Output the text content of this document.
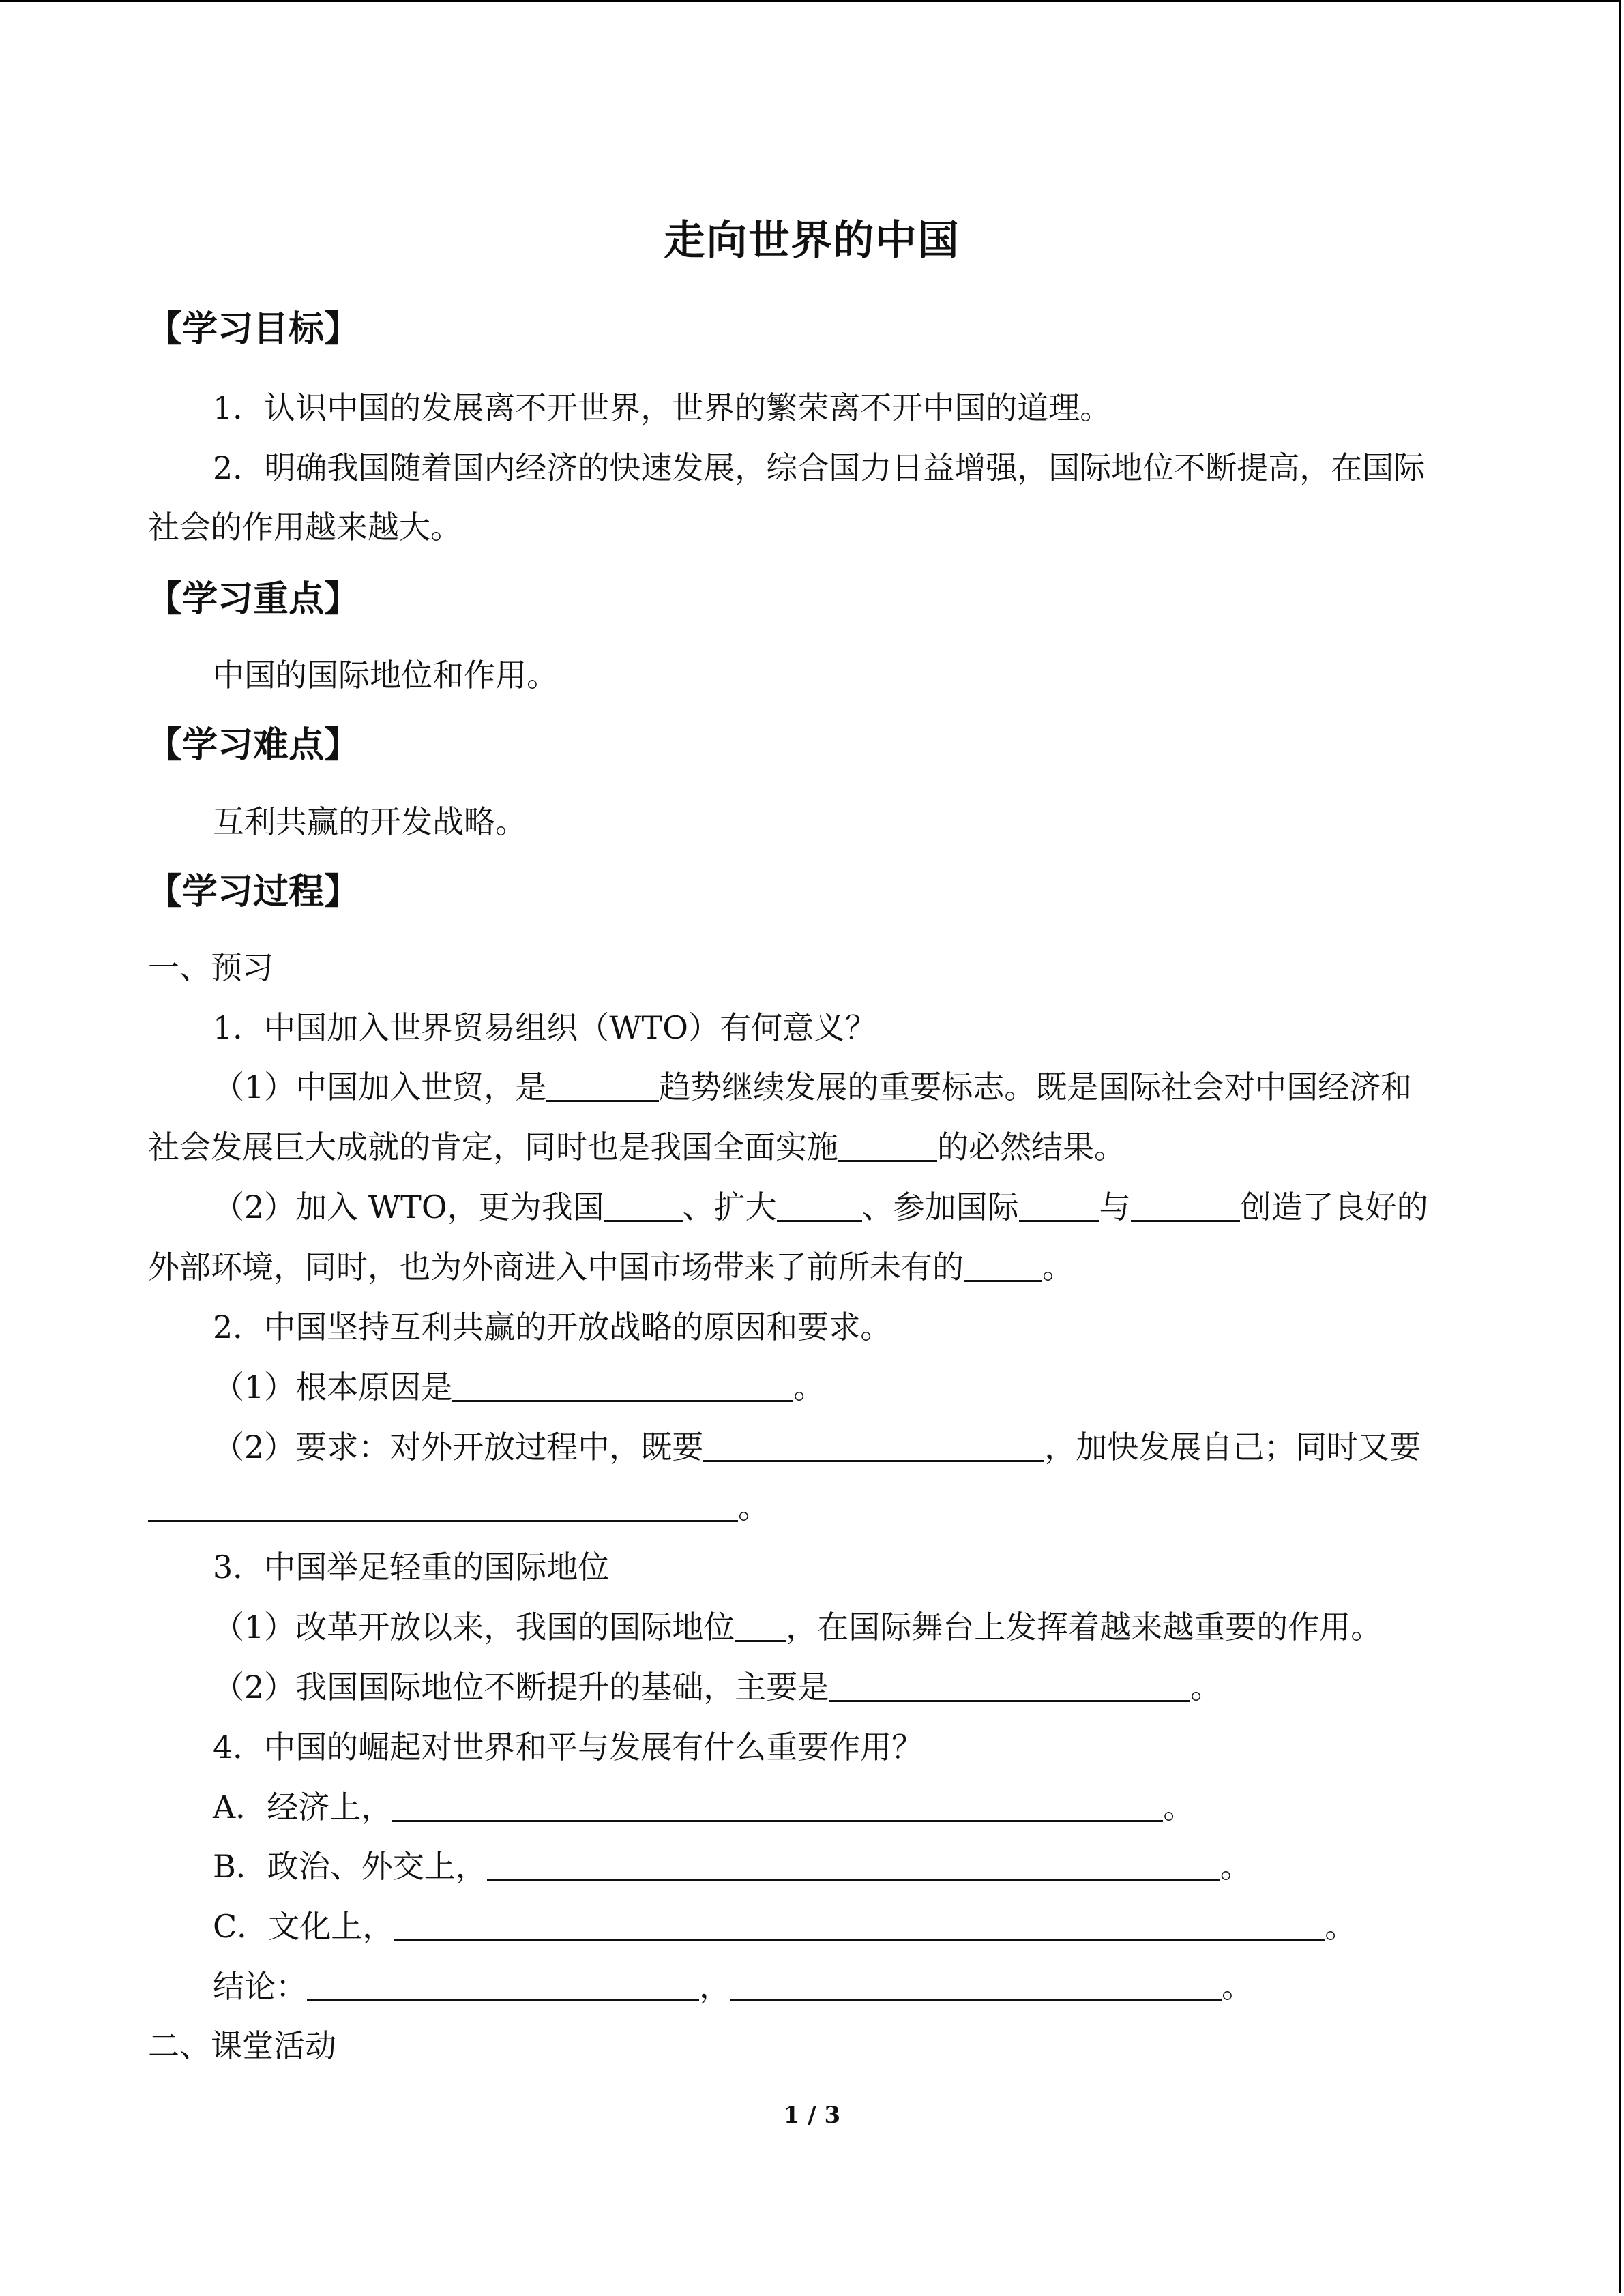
走向世界的中国
【学习目标】
1．认识中国的发展离不开世界，世界的繁荣离不开中国的道理。
2．明确我国随着国内经济的快速发展，综合国力日益增强，国际地位不断提高，在国际
社会的作用越来越大。
【学习重点】
中国的国际地位和作用。
【学习难点】
互利共赢的开发战略。
【学习过程】
一、预习
1．中国加入世界贸易组织（WTO）有何意义？
（1）中国加入世贸，是	趋势继续发展的重要标志。既是国际社会对中国经济和
社会发展巨大成就的肯定，同时也是我国全面实施	的必然结果。
（2）加入 WTO，更为我国	、扩大	、参加国际	与	创造了良好的
外部环境，同时，也为外商进入中国市场带来了前所未有的	。
2．中国坚持互利共赢的开放战略的原因和要求。
（1）根本原因是	。
（2）要求：对外开放过程中，既要	，加快发展自己；同时又要
。
3．中国举足轻重的国际地位
（1）改革开放以来，我国的国际地位 ，在国际舞台上发挥着越来越重要的作用。
（2）我国国际地位不断提升的基础，主要是	。
4．中国的崛起对世界和平与发展有什么重要作用？
A．经济上，	。
B．政治、外交上，	。
C．文化上，	。
结论：	，	。
二、课堂活动
1 / 3
